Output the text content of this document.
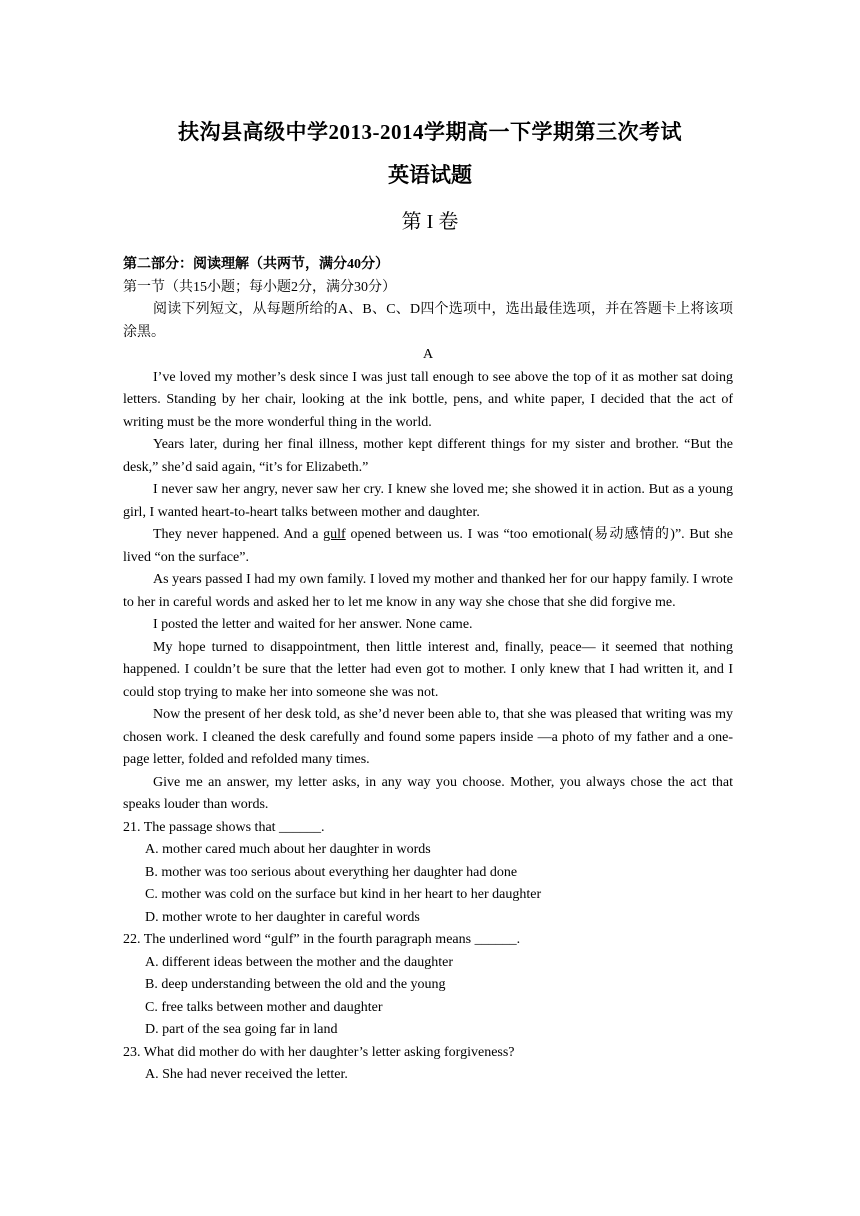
扶沟县高级中学2013-2014学期高一下学期第三次考试
英语试题
第 I 卷

第二部分：阅读理解（共两节，满分40分）

第一节（共15小题；每小题2分，满分30分）

阅读下列短文，从每题所给的A、B、C、D四个选项中，选出最佳选项，并在答题卡上将该项涂黑。

A

I’ve loved my mother’s desk since I was just tall enough to see above the top of it as mother sat doing letters. Standing by her chair, looking at the ink bottle, pens, and white paper, I decided that the act of writing must be the more wonderful thing in the world.

Years later, during her final illness, mother kept different things for my sister and brother. “But the desk,” she’d said again, “it’s for Elizabeth.”

I never saw her angry, never saw her cry. I knew she loved me; she showed it in action. But as a young girl, I wanted heart-to-heart talks between mother and daughter.

They never happened. And a gulf opened between us. I was “too emotional(易动感情的)”. But she lived “on the surface”.

As years passed I had my own family. I loved my mother and thanked her for our happy family. I wrote to her in careful words and asked her to let me know in any way she chose that she did forgive me.

I posted the letter and waited for her answer. None came.

My hope turned to disappointment, then little interest and, finally, peace— it seemed that nothing happened. I couldn’t be sure that the letter had even got to mother. I only knew that I had written it, and I could stop trying to make her into someone she was not.

Now the present of her desk told, as she’d never been able to, that she was pleased that writing was my chosen work. I cleaned the desk carefully and found some papers inside —a photo of my father and a one-page letter, folded and refolded many times.

Give me an answer, my letter asks, in any way you choose. Mother, you always chose the act that speaks louder than words.

21. The passage shows that ______.

A. mother cared much about her daughter in words

B. mother was too serious about everything her daughter had done

C. mother was cold on the surface but kind in her heart to her daughter

D. mother wrote to her daughter in careful words

22. The underlined word “gulf” in the fourth paragraph means ______.

A. different ideas between the mother and the daughter

B. deep understanding between the old and the young

C. free talks between mother and daughter

D. part of the sea going far in land

23. What did mother do with her daughter’s letter asking forgiveness?

A. She had never received the letter.
